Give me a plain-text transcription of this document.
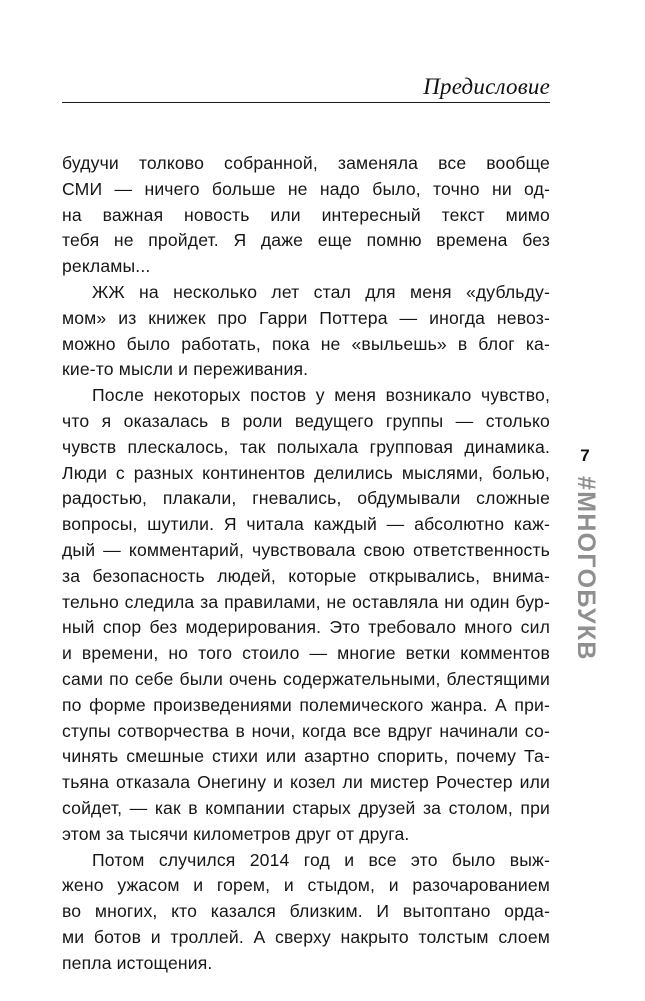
Предисловие
будучи толково собранной, заменяла все вообще
СМИ — ничего больше не надо было, точно ни од-
на важная новость или интересный текст мимо
тебя не пройдет. Я даже еще помню времена без
рекламы...
ЖЖ на несколько лет стал для меня «дубльду-
мом» из книжек про Гарри Поттера — иногда невоз-
можно было работать, пока не «выльешь» в блог ка-
кие-то мысли и переживания.
После некоторых постов у меня возникало чувство,
что я оказалась в роли ведущего группы — столько
чувств плескалось, так полыхала групповая динамика.
Люди с разных континентов делились мыслями, болью,
радостью, плакали, гневались, обдумывали сложные
вопросы, шутили. Я читала каждый — абсолютно каж-
дый — комментарий, чувствовала свою ответственность
за безопасность людей, которые открывались, внима-
тельно следила за правилами, не оставляла ни один бур-
ный спор без модерирования. Это требовало много сил
и времени, но того стоило — многие ветки комментов
сами по себе были очень содержательными, блестящими
по форме произведениями полемического жанра. А при-
ступы сотворчества в ночи, когда все вдруг начинали со-
чинять смешные стихи или азартно спорить, почему Та-
тьяна отказала Онегину и козел ли мистер Рочестер или
сойдет, — как в компании старых друзей за столом, при
этом за тысячи километров друг от друга.
Потом случился 2014 год и все это было выж-
жено ужасом и горем, и стыдом, и разочарованием
во многих, кто казался близким. И вытоптано орда-
ми ботов и троллей. А сверху накрыто толстым слоем
пепла истощения.
7
#МНОГОБУКВ
